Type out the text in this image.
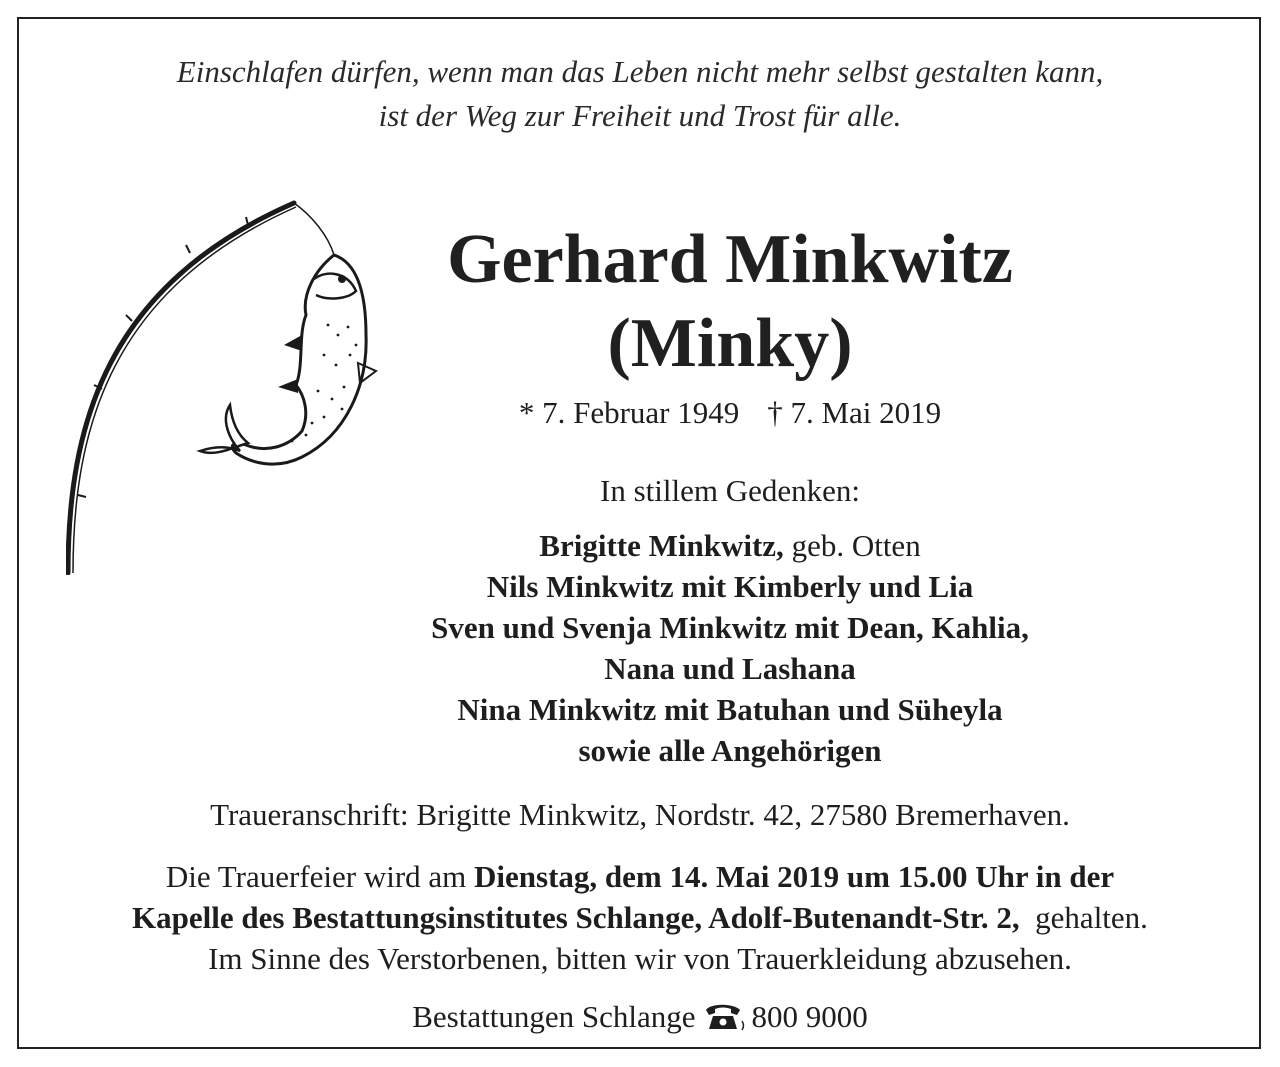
Einschlafen dürfen, wenn man das Leben nicht mehr selbst gestalten kann,
ist der Weg zur Freiheit und Trost für alle.
Gerhard Minkwitz
(Minky)
* 7. Februar 1949 † 7. Mai 2019
In stillem Gedenken:
Brigitte Minkwitz, geb. Otten
Nils Minkwitz mit Kimberly und Lia
Sven und Svenja Minkwitz mit Dean, Kahlia,
Nana und Lashana
Nina Minkwitz mit Batuhan und Süheyla
sowie alle Angehörigen
Traueranschrift: Brigitte Minkwitz, Nordstr. 42, 27580 Bremerhaven.
Die Trauerfeier wird am Dienstag, dem 14. Mai 2019 um 15.00 Uhr in der
Kapelle des Bestattungsinstitutes Schlange, Adolf-Butenandt-Str. 2,  gehalten.
Im Sinne des Verstorbenen, bitten wir von Trauerkleidung abzusehen.
Bestattungen Schlange 800 9000
